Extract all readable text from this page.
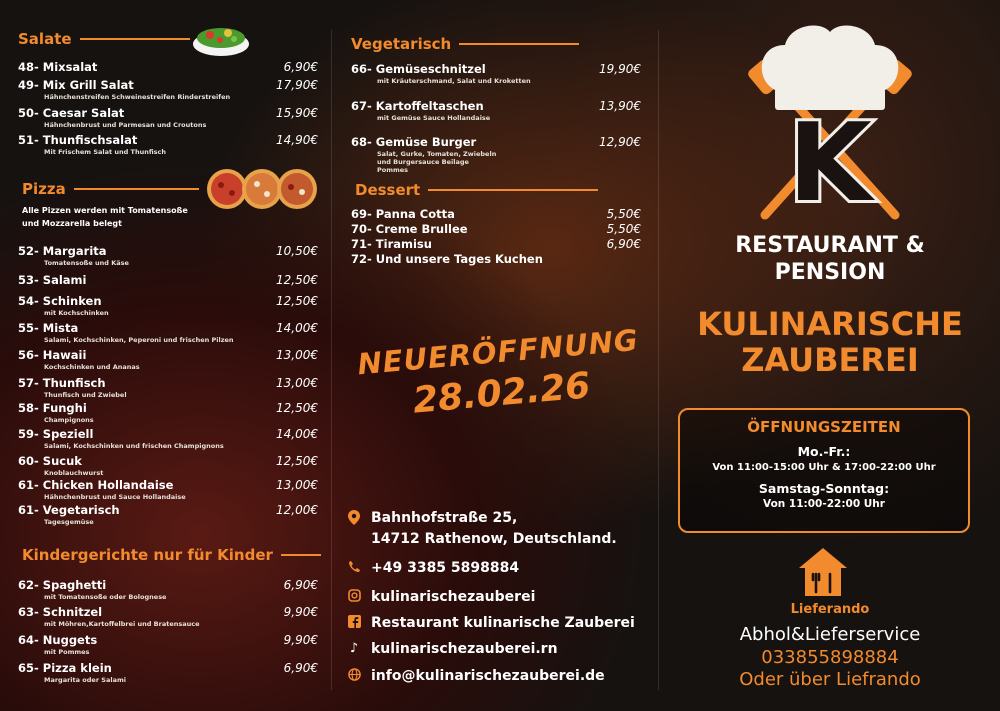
Salate
48- Mixsalat	6,90€
49- Mix Grill Salat	17,90€
Hähnchenstreifen Schweinestreifen Rinderstreifen
50- Caesar Salat	15,90€
Hähnchenbrust und Parmesan und Croutons
51- Thunfischsalat	14,90€
Mit Frischem Salat und Thunfisch
Pizza
Alle Pizzen werden mit Tomatensoße
und Mozzarella belegt
52- Margarita	10,50€
Tomatensoße und Käse
53- Salami	12,50€
54- Schinken	12,50€
mit Kochschinken
55- Mista	14,00€
Salami, Kochschinken, Peperoni und frischen Pilzen
56- Hawaii	13,00€
Kochschinken und Ananas
57- Thunfisch	13,00€
Thunfisch und Zwiebel
58- Funghi	12,50€
Champignons
59- Speziell	14,00€
Salami, Kochschinken und frischen Champignons
60- Sucuk	12,50€
Knoblauchwurst
61- Chicken Hollandaise	13,00€
Hähnchenbrust und Sauce Hollandaise
61- Vegetarisch	12,00€
Tagesgemüse
Kindergerichte nur für Kinder
62- Spaghetti	6,90€
mit Tomatensoße oder Bolognese
63- Schnitzel	9,90€
mit Möhren,Kartoffelbrei und Bratensauce
64- Nuggets	9,90€
mit Pommes
65- Pizza klein	6,90€
Margarita oder Salami
Vegetarisch
66- Gemüseschnitzel	19,90€
mit Kräuterschmand, Salat und Kroketten
67- Kartoffeltaschen	13,90€
mit Gemüse Sauce Hollandaise
68- Gemüse Burger	12,90€
Salat, Gurke, Tomaten, Zwiebeln und Burgersauce Beilage Pommes
Dessert
69- Panna Cotta	5,50€
70- Creme Brullee	5,50€
71- Tiramisu	6,90€
72- Und unsere Tages Kuchen
NEUERÖFFNUNG
28.02.26
Bahnhofstraße 25,
14712 Rathenow, Deutschland.
+49 3385 5898884
kulinarischezauberei
Restaurant kulinarische Zauberei
♪ kulinarischezauberei.rn
info@kulinarischezauberei.de
K
RESTAURANT &
PENSION
KULINARISCHE
ZAUBEREI
ÖFFNUNGSZEITEN
Mo.-Fr.:
Von 11:00-15:00 Uhr & 17:00-22:00 Uhr
Samstag-Sonntag:
Von 11:00-22:00 Uhr
Lieferando
Abhol&Lieferservice
033855898884
Oder über Liefrando
